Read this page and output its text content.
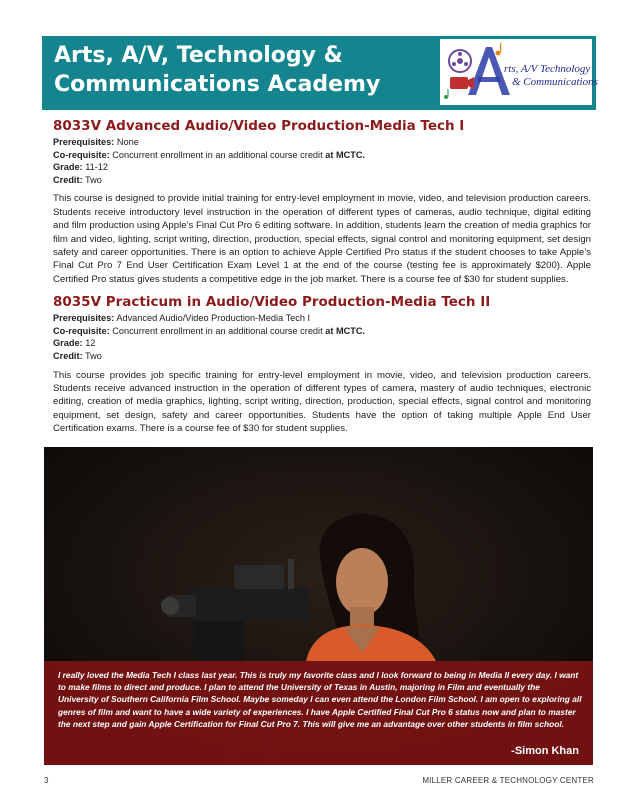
Arts, A/V, Technology & Communications Academy
rts, A/V Technology
& Communications
8033V Advanced Audio/Video Production-Media Tech I
Prerequisites: None
Co-requisite: Concurrent enrollment in an additional course credit at MCTC.
Grade: 11-12
Credit: Two
This course is designed to provide initial training for entry-level employment in movie, video, and television production careers. Students receive introductory level instruction in the operation of different types of cameras, audio technique, digital editing and film production using Apple’s Final Cut Pro 6 editing software. In addition, students learn the creation of media graphics for film and video, lighting, script writing, direction, production, special effects, signal control and monitoring equipment, set design safety and career opportunities. There is an option to achieve Apple Certified Pro status if the student chooses to take Apple’s Final Cut Pro 7 End User Certification Exam Level 1 at the end of the course (testing fee is approximately $200). Apple Certified Pro status gives students a competitive edge in the job market. There is a course fee of $30 for student supplies.
8035V Practicum in Audio/Video Production-Media Tech II
Prerequisites: Advanced Audio/Video Production-Media Tech I
Co-requisite: Concurrent enrollment in an additional course credit at MCTC.
Grade: 12
Credit: Two
This course provides job specific training for entry-level employment in movie, video, and television production careers. Students receive advanced instruction in the operation of different types of camera, mastery of audio techniques, electronic editing, creation of media graphics, lighting, script writing, direction, production, special effects, signal control and monitoring equipment, set design, safety and career opportunities. Students have the option of taking multiple Apple End User Certification exams. There is a course fee of $30 for student supplies.
I really loved the Media Tech I class last year. This is truly my favorite class and I look forward to being in Media II every day. I want to make films to direct and produce. I plan to attend the University of Texas in Austin, majoring in Film and eventually the University of Southern California Film School. Maybe someday I can even attend the London Film School. I am open to exploring all genres of film and want to have a wide variety of experiences. I have Apple Certified Final Cut Pro 6 status now and plan to master the next step and gain Apple Certification for Final Cut Pro 7. This will give me an advantage over other students in film school.
-Simon Khan
3	MILLER CAREER & TECHNOLOGY CENTER
